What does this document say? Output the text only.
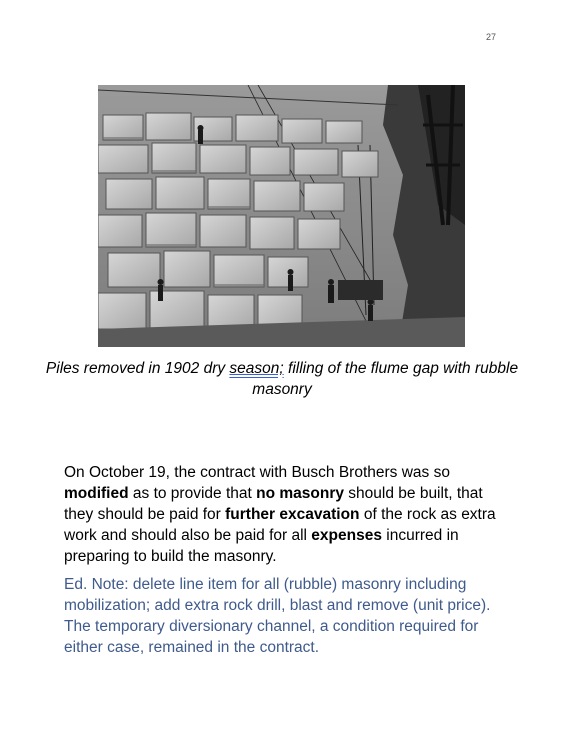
27
Piles removed in 1902 dry season; filling of the flume gap with rubble masonry
On October 19, the contract with Busch Brothers was so modified as to provide that no masonry should be built, that they should be paid for further excavation of the rock as extra work and should also be paid for all expenses incurred in preparing to build the masonry.
Ed. Note: delete line item for all (rubble) masonry including mobilization; add extra rock drill, blast and remove (unit price). The temporary diversionary channel, a condition required for either case, remained in the contract.
